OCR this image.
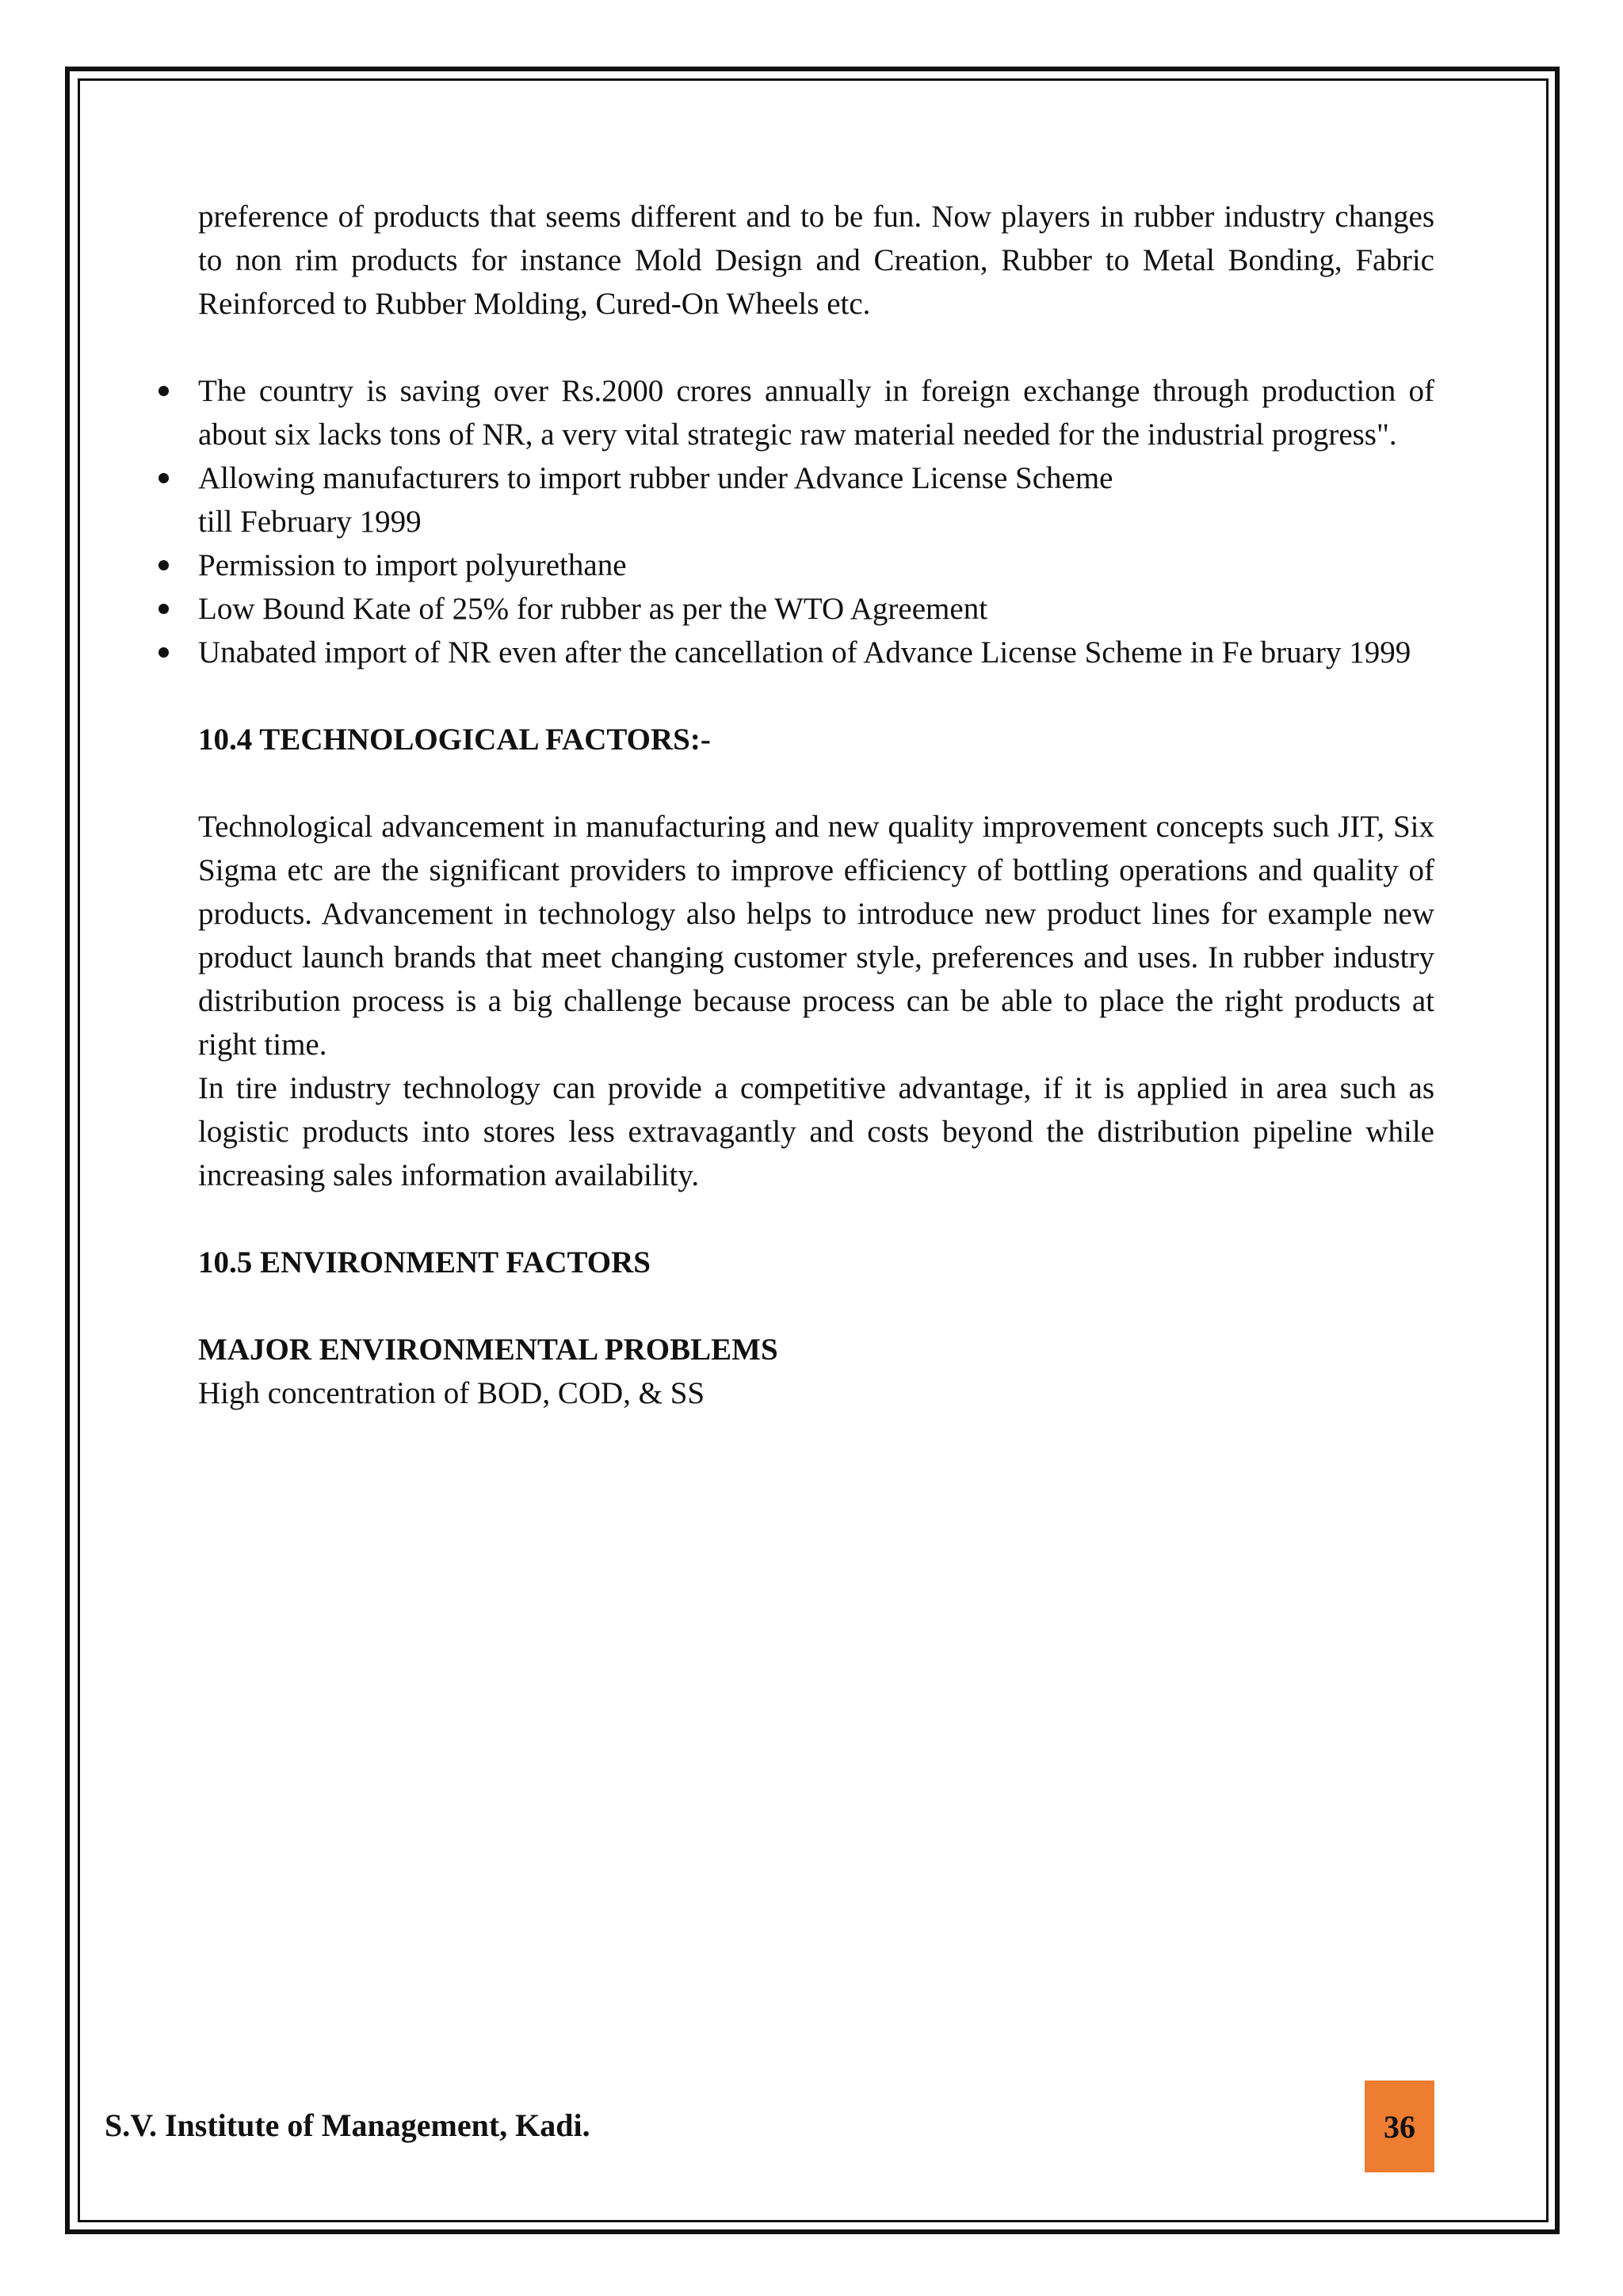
preference of products that seems different and to be fun. Now players in rubber industry changes to non rim products for instance Mold Design and Creation, Rubber to Metal Bonding, Fabric Reinforced to Rubber Molding, Cured-On Wheels etc.

The country is saving over Rs.2000 crores annually in foreign exchange through production of about six lacks tons of NR, a very vital strategic raw material needed for the industrial progress".
Allowing manufacturers to import rubber under Advance License Scheme
till February 1999
Permission to import polyurethane
Low Bound Kate of 25% for rubber as per the WTO Agreement
Unabated import of NR even after the cancellation of Advance License Scheme in Fe bruary 1999

10.4 TECHNOLOGICAL FACTORS:-

Technological advancement in manufacturing and new quality improvement concepts such JIT, Six Sigma etc are the significant providers to improve efficiency of bottling operations and quality of products. Advancement in technology also helps to introduce new product lines for example new product launch brands that meet changing customer style, preferences and uses. In rubber industry distribution process is a big challenge because process can be able to place the right products at right time.

In tire industry technology can provide a competitive advantage, if it is applied in area such as logistic products into stores less extravagantly and costs beyond the distribution pipeline while increasing sales information availability.

10.5 ENVIRONMENT FACTORS

MAJOR ENVIRONMENTAL PROBLEMS

High concentration of BOD, COD, & SS

S.V. Institute of Management, Kadi.	36
